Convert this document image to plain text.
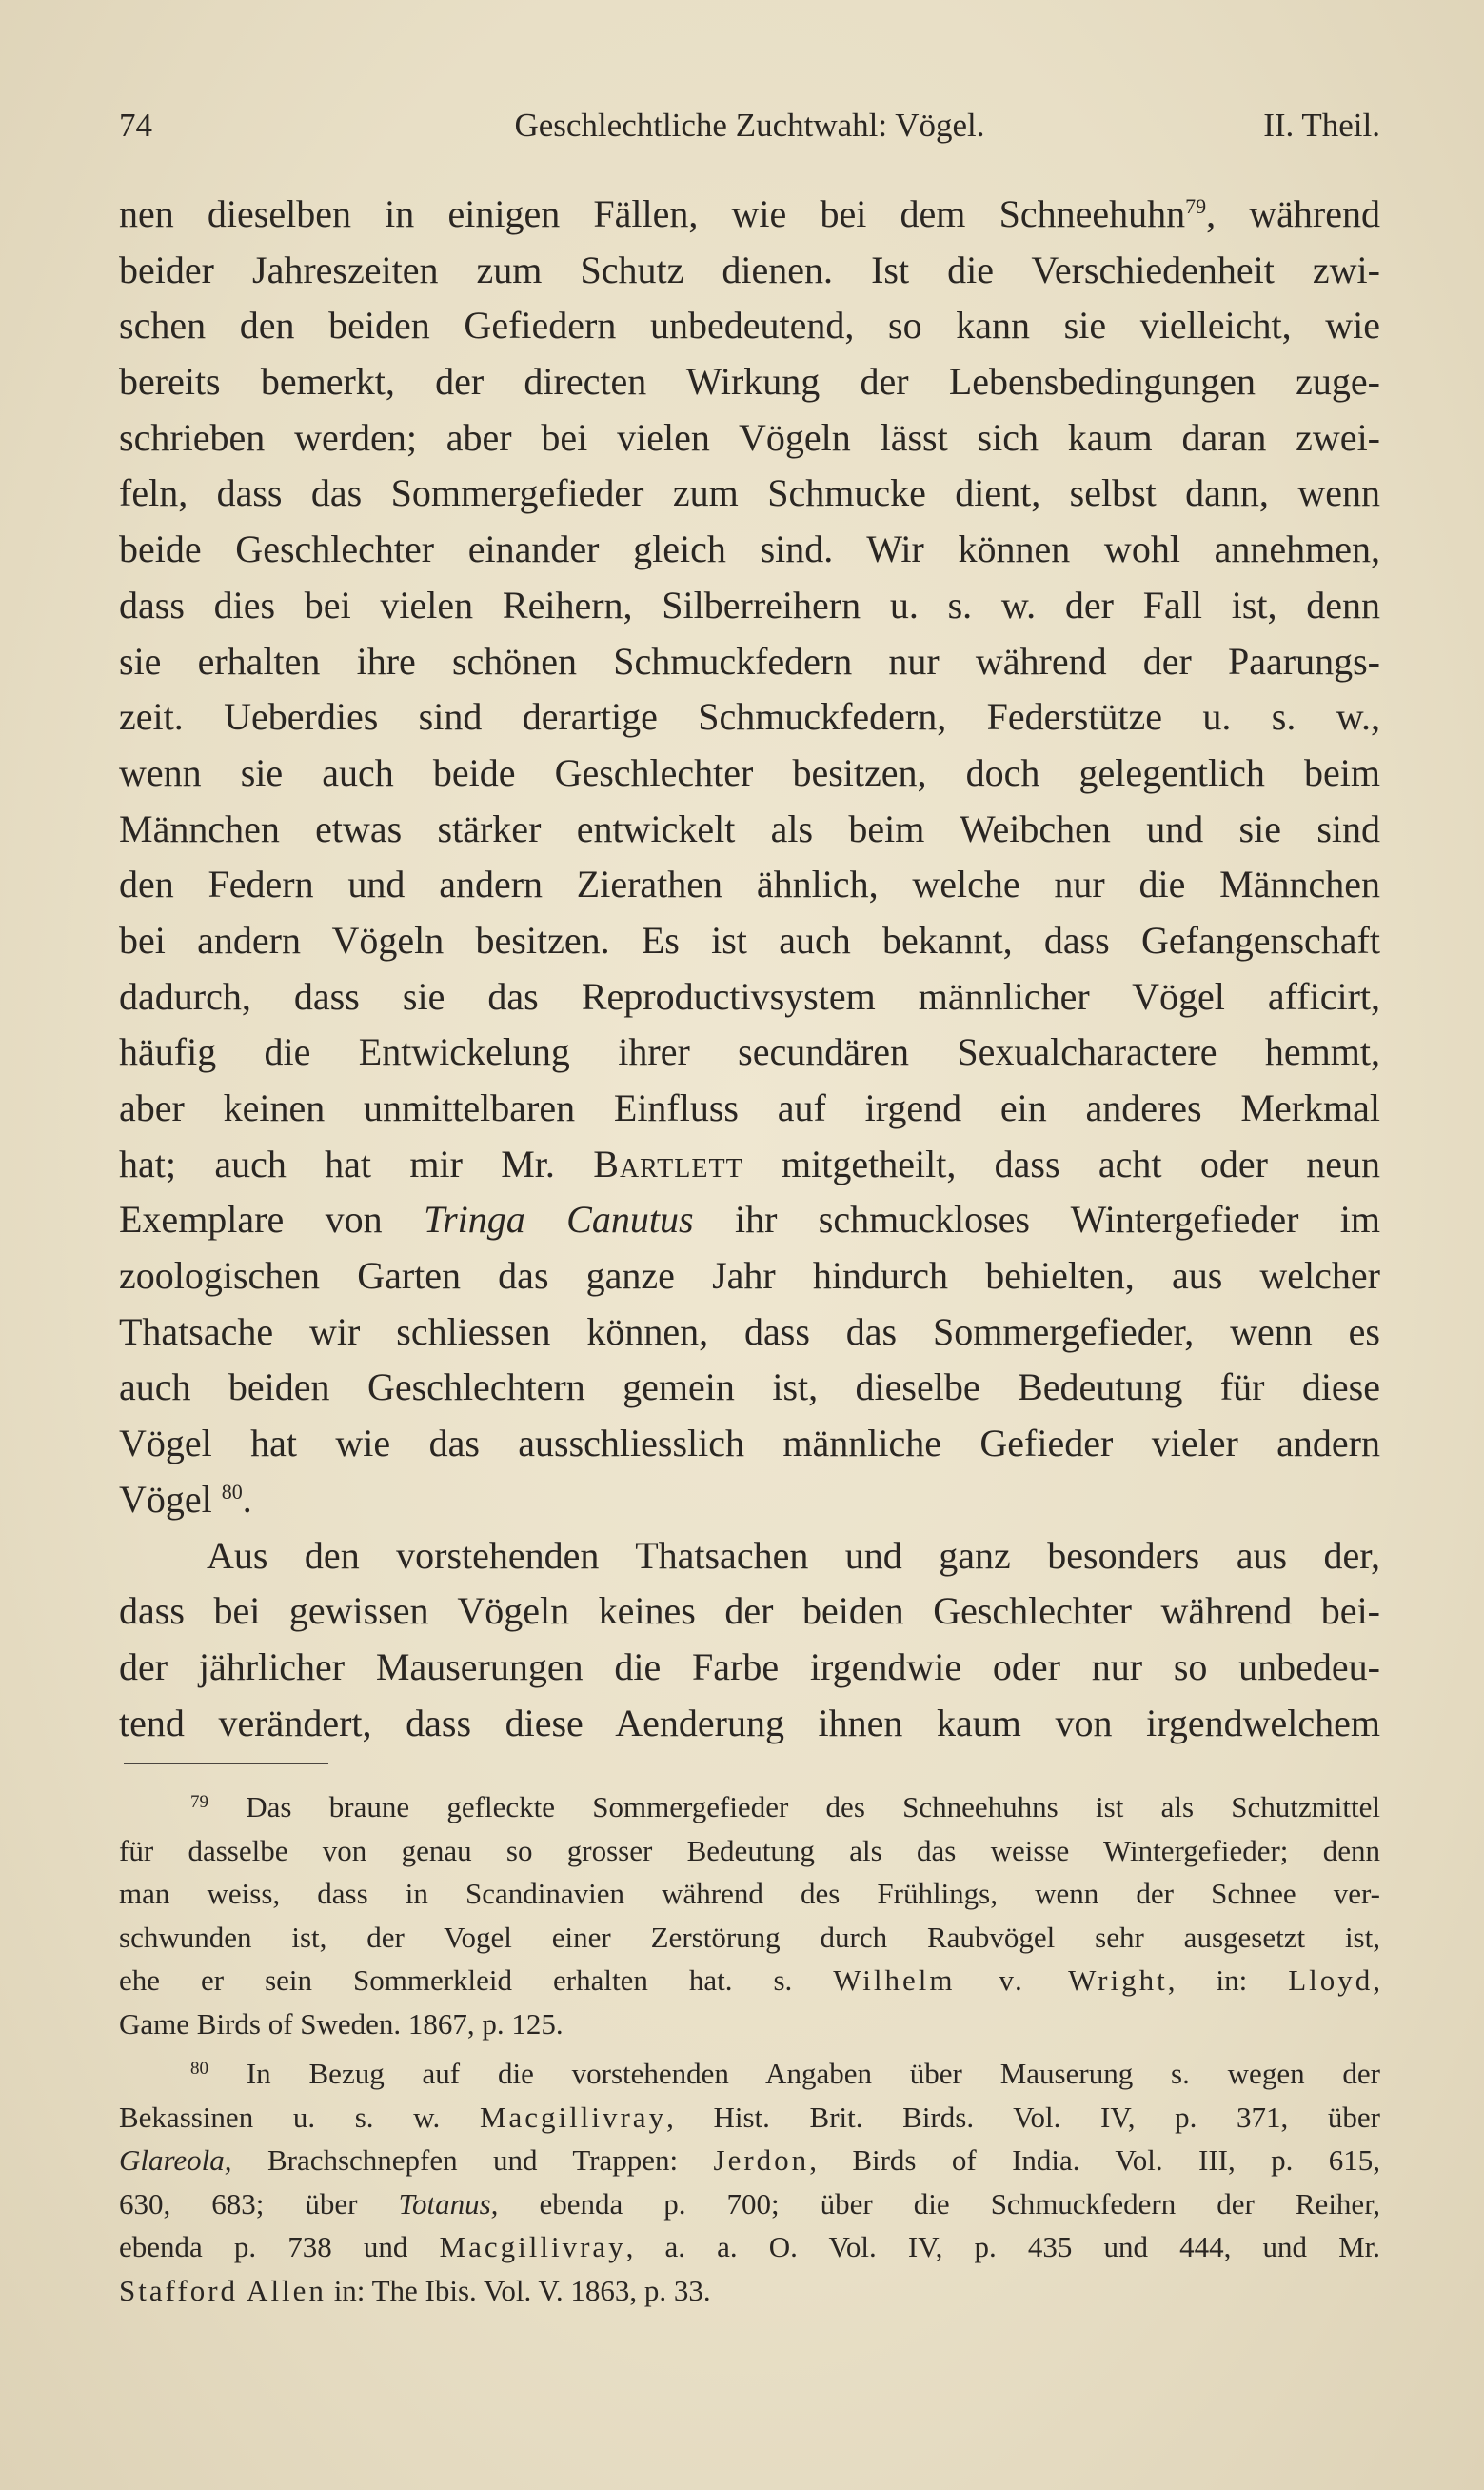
74	Geschlechtliche Zuchtwahl: Vögel.	II. Theil.
nen dieselben in einigen Fällen, wie bei dem Schneehuhn$^{79}$, während
beider Jahreszeiten zum Schutz dienen. Ist die Verschiedenheit zwi-
schen den beiden Gefiedern unbedeutend, so kann sie vielleicht, wie
bereits bemerkt, der directen Wirkung der Lebensbedingungen zuge-
schrieben werden; aber bei vielen Vögeln lässt sich kaum daran zwei-
feln, dass das Sommergefieder zum Schmucke dient, selbst dann, wenn
beide Geschlechter einander gleich sind. Wir können wohl annehmen,
dass dies bei vielen Reihern, Silberreihern u. s. w. der Fall ist, denn
sie erhalten ihre schönen Schmuckfedern nur während der Paarungs-
zeit. Ueberdies sind derartige Schmuckfedern, Federstütze u. s. w.,
wenn sie auch beide Geschlechter besitzen, doch gelegentlich beim
Männchen etwas stärker entwickelt als beim Weibchen und sie sind
den Federn und andern Zierathen ähnlich, welche nur die Männchen
bei andern Vögeln besitzen. Es ist auch bekannt, dass Gefangenschaft
dadurch, dass sie das Reproductivsystem männlicher Vögel afficirt,
häufig die Entwickelung ihrer secundären Sexualcharactere hemmt,
aber keinen unmittelbaren Einfluss auf irgend ein anderes Merkmal
hat; auch hat mir Mr. Bartlett mitgetheilt, dass acht oder neun
Exemplare von Tringa Canutus ihr schmuckloses Wintergefieder im
zoologischen Garten das ganze Jahr hindurch behielten, aus welcher
Thatsache wir schliessen können, dass das Sommergefieder, wenn es
auch beiden Geschlechtern gemein ist, dieselbe Bedeutung für diese
Vögel hat wie das ausschliesslich männliche Gefieder vieler andern
Vögel $^{80}$.
Aus den vorstehenden Thatsachen und ganz besonders aus der,
dass bei gewissen Vögeln keines der beiden Geschlechter während bei-
der jährlicher Mauserungen die Farbe irgendwie oder nur so unbedeu-
tend verändert, dass diese Aenderung ihnen kaum von irgendwelchem
$^{79}$ Das braune gefleckte Sommergefieder des Schneehuhns ist als Schutzmittel
für dasselbe von genau so grosser Bedeutung als das weisse Wintergefieder; denn
man weiss, dass in Scandinavien während des Frühlings, wenn der Schnee ver-
schwunden ist, der Vogel einer Zerstörung durch Raubvögel sehr ausgesetzt ist,
ehe er sein Sommerkleid erhalten hat. s. Wilhelm v. Wright, in: Lloyd,
Game Birds of Sweden. 1867, p. 125.
$^{80}$ In Bezug auf die vorstehenden Angaben über Mauserung s. wegen der
Bekassinen u. s. w. Macgillivray, Hist. Brit. Birds. Vol. IV, p. 371, über
Glareola, Brachschnepfen und Trappen: Jerdon, Birds of India. Vol. III, p. 615,
630, 683; über Totanus, ebenda p. 700; über die Schmuckfedern der Reiher,
ebenda p. 738 und Macgillivray, a. a. O. Vol. IV, p. 435 und 444, und Mr.
Stafford Allen in: The Ibis. Vol. V. 1863, p. 33.
